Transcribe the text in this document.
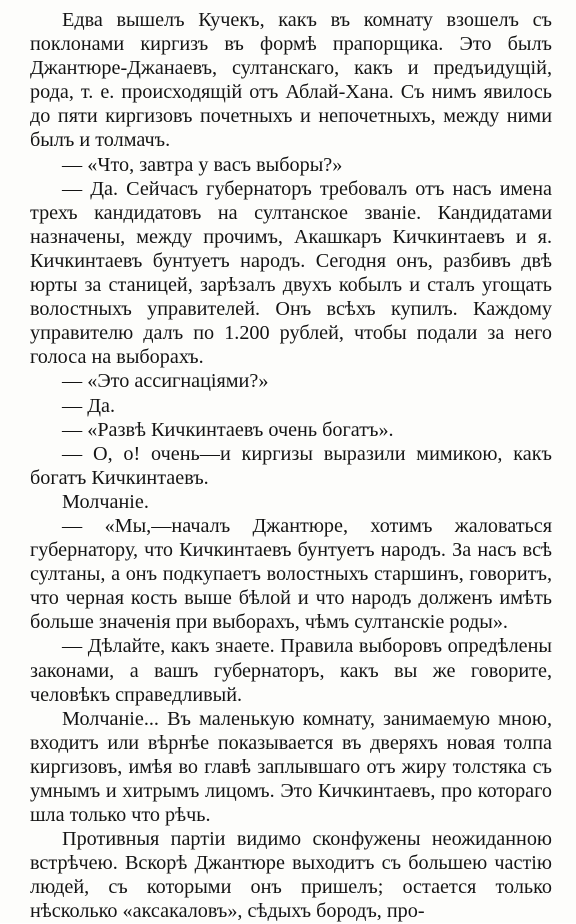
Едва вышелъ Кучекъ, какъ въ комнату взошелъ съ поклонами киргизъ въ формѣ прапорщика. Это былъ Джантюре-Джанаевъ, султанскаго, какъ и предъидущій, рода, т. е. происходящій отъ Аблай-Хана. Съ нимъ явилось до пяти киргизовъ почетныхъ и непочетныхъ, между ними былъ и толмачъ.

— «Что, завтра у васъ выборы?»

— Да. Сейчасъ губернаторъ требовалъ отъ насъ имена трехъ кандидатовъ на султанское званіе. Кандидатами назначены, между прочимъ, Акашкаръ Кичкинтаевъ и я. Кичкинтаевъ бунтуетъ народъ. Сегодня онъ, разбивъ двѣ юрты за станицей, зарѣзалъ двухъ кобылъ и сталъ угощать волостныхъ управителей. Онъ всѣхъ купилъ. Каждому управителю далъ по 1.200 рублей, чтобы подали за него голоса на выборахъ.

— «Это ассигнаціями?»

— Да.

— «Развѣ Кичкинтаевъ очень богатъ».

— О, о! очень—и киргизы выразили мимикою, какъ богатъ Кичкинтаевъ.

Молчаніе.

— «Мы,—началъ Джантюре, хотимъ жаловаться губернатору, что Кичкинтаевъ бунтуетъ народъ. За насъ всѣ султаны, а онъ подкупаетъ волостныхъ старшинъ, говоритъ, что черная кость выше бѣлой и что народъ долженъ имѣть больше значенія при выборахъ, чѣмъ султанскіе роды».

— Дѣлайте, какъ знаете. Правила выборовъ опредѣлены законами, а вашъ губернаторъ, какъ вы же говорите, человѣкъ справедливый.

Молчаніе... Въ маленькую комнату, занимаемую мною, входитъ или вѣрнѣе показывается въ дверяхъ новая толпа киргизовъ, имѣя во главѣ заплывшаго отъ жиру толстяка съ умнымъ и хитрымъ лицомъ. Это Кичкинтаевъ, про котораго шла только что рѣчь.

Противныя партіи видимо сконфужены неожиданною встрѣчею. Вскорѣ Джантюре выходитъ съ большею частію людей, съ которыми онъ пришелъ; остается только нѣсколько «аксакаловъ», сѣдыхъ бородъ, про-
